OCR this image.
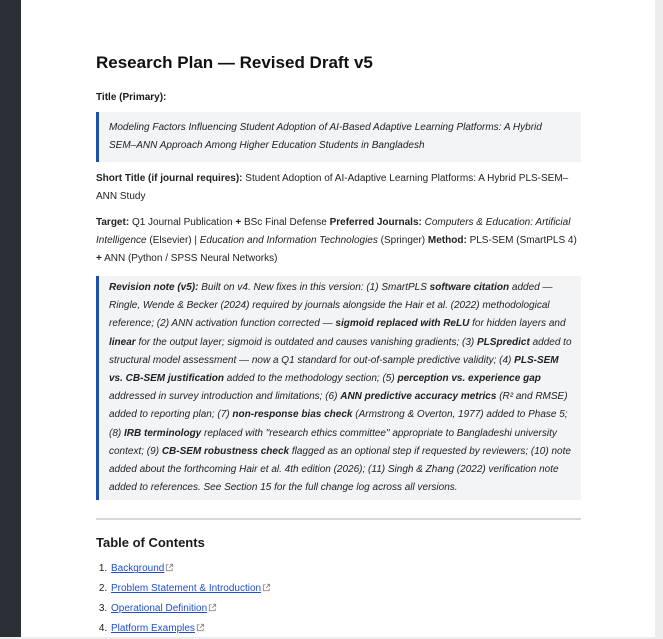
Research Plan — Revised Draft v5
Title (Primary):
Modeling Factors Influencing Student Adoption of AI-Based Adaptive Learning Platforms: A Hybrid SEM–ANN Approach Among Higher Education Students in Bangladesh
Short Title (if journal requires): Student Adoption of AI-Adaptive Learning Platforms: A Hybrid PLS-SEM–ANN Study
Target: Q1 Journal Publication + BSc Final Defense Preferred Journals: Computers & Education: Artificial Intelligence (Elsevier) | Education and Information Technologies (Springer) Method: PLS-SEM (SmartPLS 4) + ANN (Python / SPSS Neural Networks)
Revision note (v5): Built on v4. New fixes in this version: (1) SmartPLS software citation added — Ringle, Wende & Becker (2024) required by journals alongside the Hair et al. (2022) methodological reference; (2) ANN activation function corrected — sigmoid replaced with ReLU for hidden layers and linear for the output layer; sigmoid is outdated and causes vanishing gradients; (3) PLSpredict added to structural model assessment — now a Q1 standard for out-of-sample predictive validity; (4) PLS-SEM vs. CB-SEM justification added to the methodology section; (5) perception vs. experience gap addressed in survey introduction and limitations; (6) ANN predictive accuracy metrics (R² and RMSE) added to reporting plan; (7) non-response bias check (Armstrong & Overton, 1977) added to Phase 5; (8) IRB terminology replaced with "research ethics committee" appropriate to Bangladeshi university context; (9) CB-SEM robustness check flagged as an optional step if requested by reviewers; (10) note added about the forthcoming Hair et al. 4th edition (2026); (11) Singh & Zhang (2022) verification note added to references. See Section 15 for the full change log across all versions.
Table of Contents
1. Background
2. Problem Statement & Introduction
3. Operational Definition
4. Platform Examples
